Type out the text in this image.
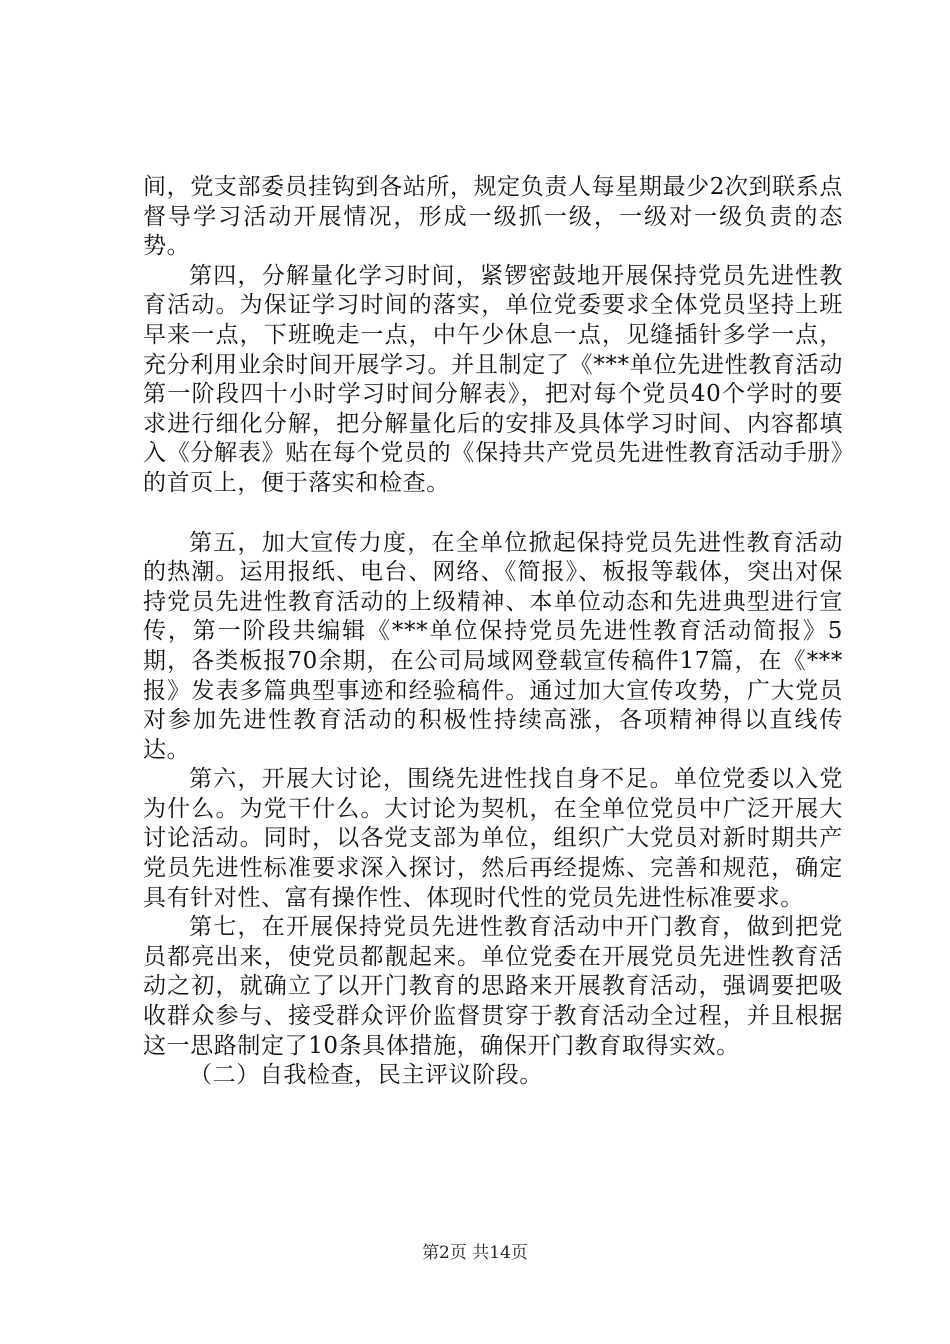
间，党支部委员挂钩到各站所，规定负责人每星期最少2次到联系点督导学习活动开展情况，形成一级抓一级，一级对一级负责的态势。

第四，分解量化学习时间，紧锣密鼓地开展保持党员先进性教育活动。为保证学习时间的落实，单位党委要求全体党员坚持上班早来一点，下班晚走一点，中午少休息一点，见缝插针多学一点，充分利用业余时间开展学习。并且制定了《***单位先进性教育活动第一阶段四十小时学习时间分解表》，把对每个党员40个学时的要求进行细化分解，把分解量化后的安排及具体学习时间、内容都填入《分解表》贴在每个党员的《保持共产党员先进性教育活动手册》的首页上，便于落实和检查。

第五，加大宣传力度，在全单位掀起保持党员先进性教育活动的热潮。运用报纸、电台、网络、《简报》、板报等载体，突出对保持党员先进性教育活动的上级精神、本单位动态和先进典型进行宣传，第一阶段共编辑《***单位保持党员先进性教育活动简报》5期，各类板报70余期，在公司局域网登载宣传稿件17篇，在《***报》发表多篇典型事迹和经验稿件。通过加大宣传攻势，广大党员对参加先进性教育活动的积极性持续高涨，各项精神得以直线传达。

第六，开展大讨论，围绕先进性找自身不足。单位党委以入党为什么。为党干什么。大讨论为契机，在全单位党员中广泛开展大讨论活动。同时，以各党支部为单位，组织广大党员对新时期共产党员先进性标准要求深入探讨，然后再经提炼、完善和规范，确定具有针对性、富有操作性、体现时代性的党员先进性标准要求。

第七，在开展保持党员先进性教育活动中开门教育，做到把党员都亮出来，使党员都靓起来。单位党委在开展党员先进性教育活动之初，就确立了以开门教育的思路来开展教育活动，强调要把吸收群众参与、接受群众评价监督贯穿于教育活动全过程，并且根据这一思路制定了10条具体措施，确保开门教育取得实效。

（二）自我检查，民主评议阶段。

第2页 共14页
